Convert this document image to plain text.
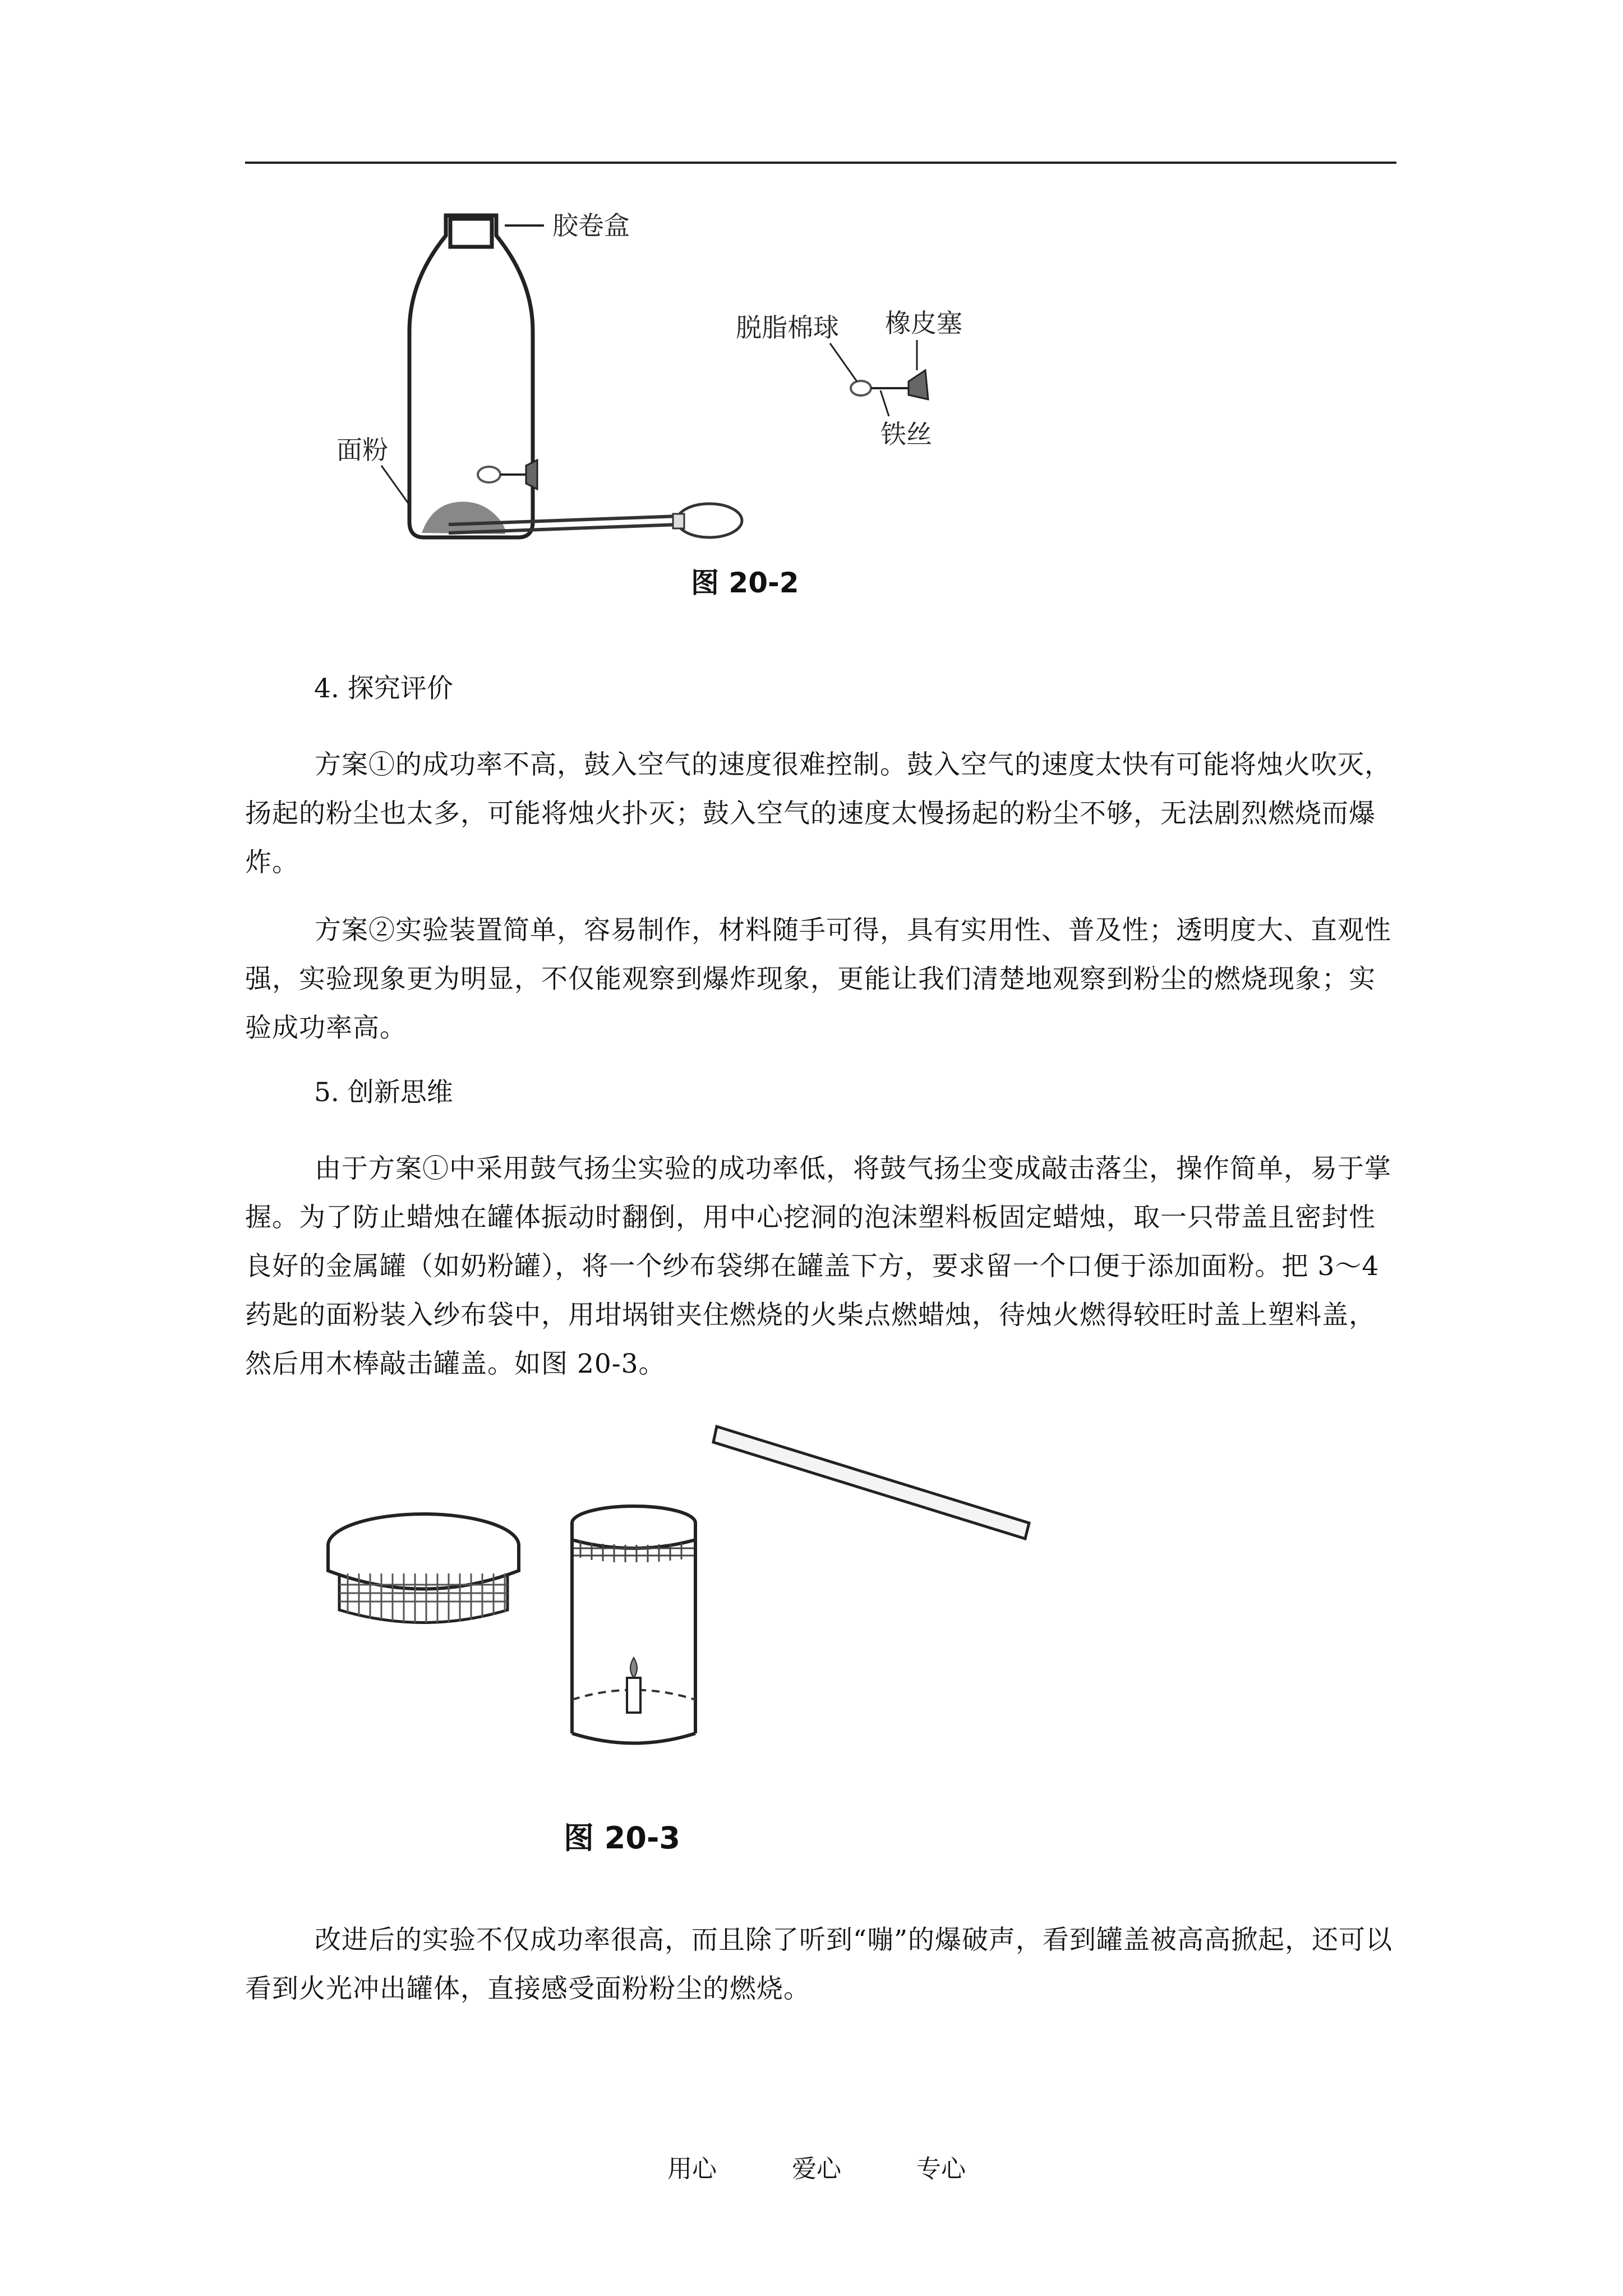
胶卷盒
面粉
脱脂棉球 橡皮塞
铁丝
图 20-2

4. 探究评价

方案①的成功率不高，鼓入空气的速度很难控制。鼓入空气的速度太快有可能将烛火吹灭，扬起的粉尘也太多，可能将烛火扑灭；鼓入空气的速度太慢扬起的粉尘不够，无法剧烈燃烧而爆炸。

方案②实验装置简单，容易制作，材料随手可得，具有实用性、普及性；透明度大、直观性强，实验现象更为明显，不仅能观察到爆炸现象，更能让我们清楚地观察到粉尘的燃烧现象；实验成功率高。

5. 创新思维

由于方案①中采用鼓气扬尘实验的成功率低，将鼓气扬尘变成敲击落尘，操作简单，易于掌握。为了防止蜡烛在罐体振动时翻倒，用中心挖洞的泡沫塑料板固定蜡烛，取一只带盖且密封性良好的金属罐（如奶粉罐），将一个纱布袋绑在罐盖下方，要求留一个口便于添加面粉。把 3～4 药匙的面粉装入纱布袋中，用坩埚钳夹住燃烧的火柴点燃蜡烛，待烛火燃得较旺时盖上塑料盖，然后用木棒敲击罐盖。如图 20-3。

图 20-3

改进后的实验不仅成功率很高，而且除了听到“嘣”的爆破声，看到罐盖被高高掀起，还可以看到火光冲出罐体，直接感受面粉粉尘的燃烧。

用心	爱心	专心
